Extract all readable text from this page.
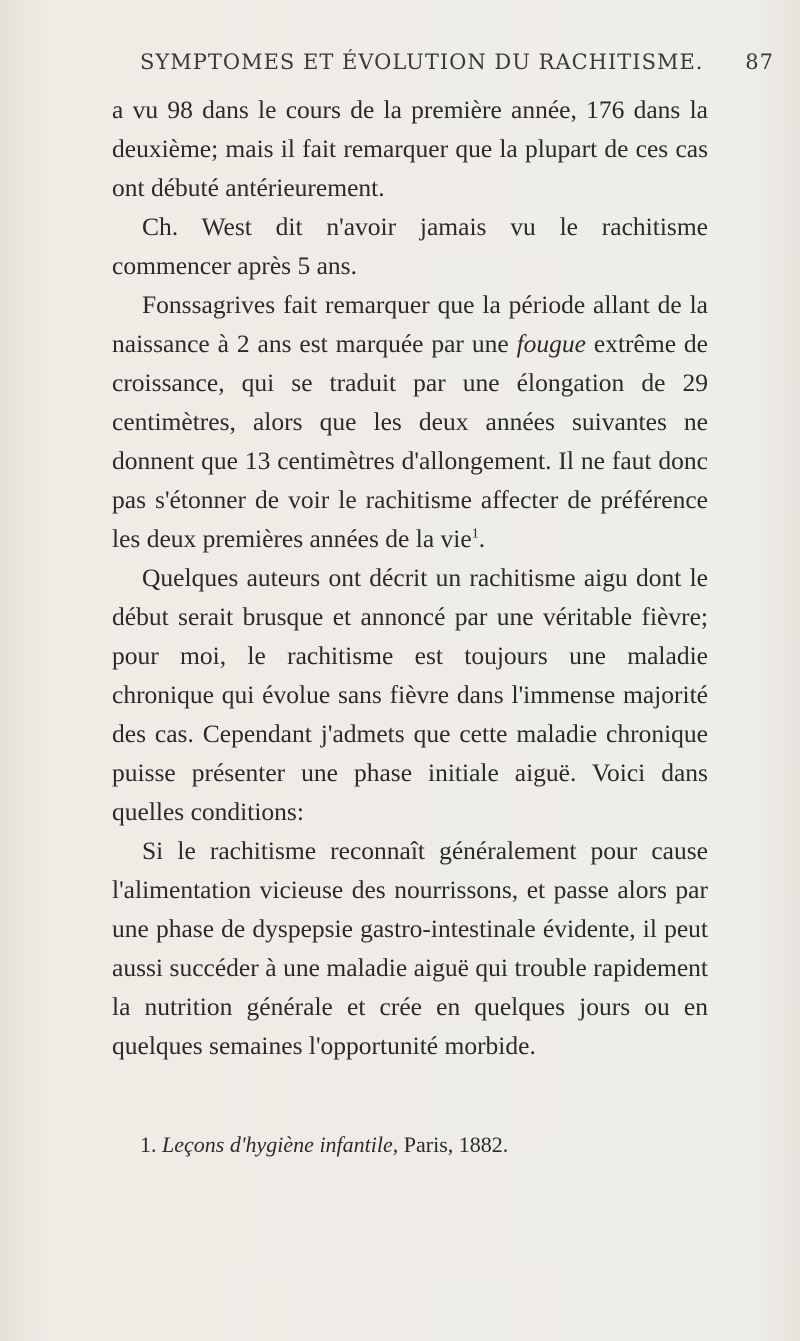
SYMPTOMES ET ÉVOLUTION DU RACHITISME. 87

a vu 98 dans le cours de la première année, 176 dans la deuxième; mais il fait remarquer que la plupart de ces cas ont débuté antérieurement.

Ch. West dit n'avoir jamais vu le rachitisme commencer après 5 ans.

Fonssagrives fait remarquer que la période allant de la naissance à 2 ans est marquée par une fougue extrême de croissance, qui se traduit par une élongation de 29 centimètres, alors que les deux années suivantes ne donnent que 13 centimètres d'allongement. Il ne faut donc pas s'étonner de voir le rachitisme affecter de préférence les deux premières années de la vie$^1$.

Quelques auteurs ont décrit un rachitisme aigu dont le début serait brusque et annoncé par une véritable fièvre; pour moi, le rachitisme est toujours une maladie chronique qui évolue sans fièvre dans l'immense majorité des cas. Cependant j'admets que cette maladie chronique puisse présenter une phase initiale aiguë. Voici dans quelles conditions:

Si le rachitisme reconnaît généralement pour cause l'alimentation vicieuse des nourrissons, et passe alors par une phase de dyspepsie gastro-intestinale évidente, il peut aussi succéder à une maladie aiguë qui trouble rapidement la nutrition générale et crée en quelques jours ou en quelques semaines l'opportunité morbide.

1. Leçons d'hygiène infantile, Paris, 1882.
